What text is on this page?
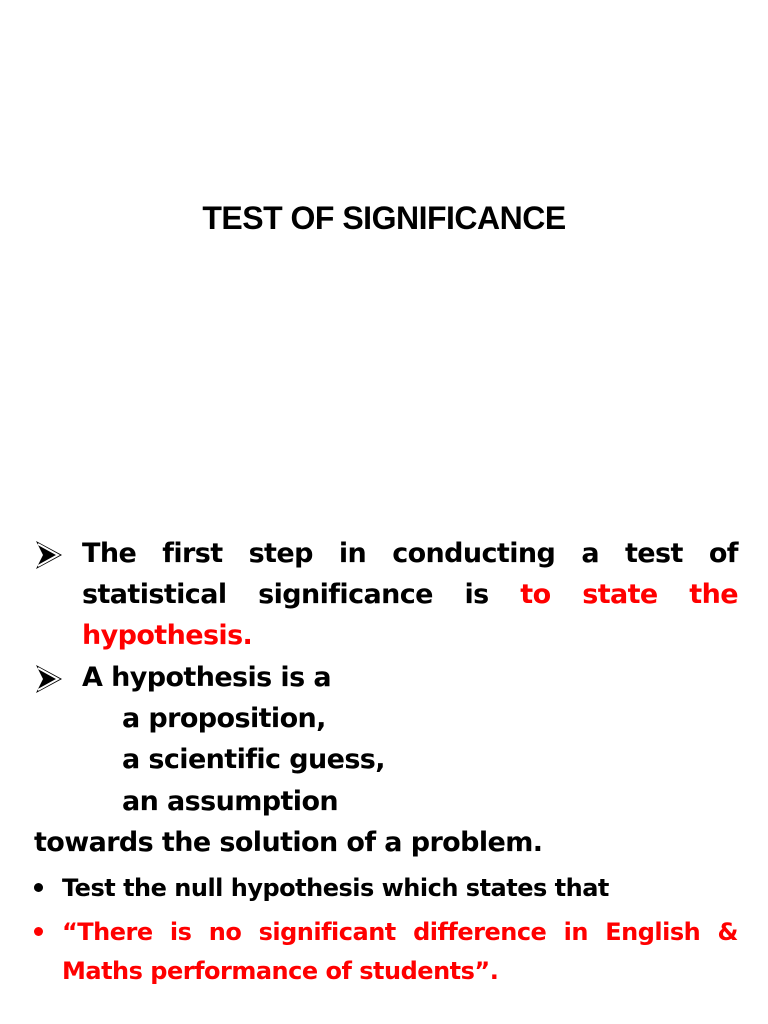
TEST OF SIGNIFICANCE
The first step in conducting a test of
statistical significance is to state the
hypothesis.
A hypothesis is a
a proposition,
a scientific guess,
an assumption
towards the solution of a problem.
Test the null hypothesis which states that
“There is no significant difference in English &
Maths performance of students”.
